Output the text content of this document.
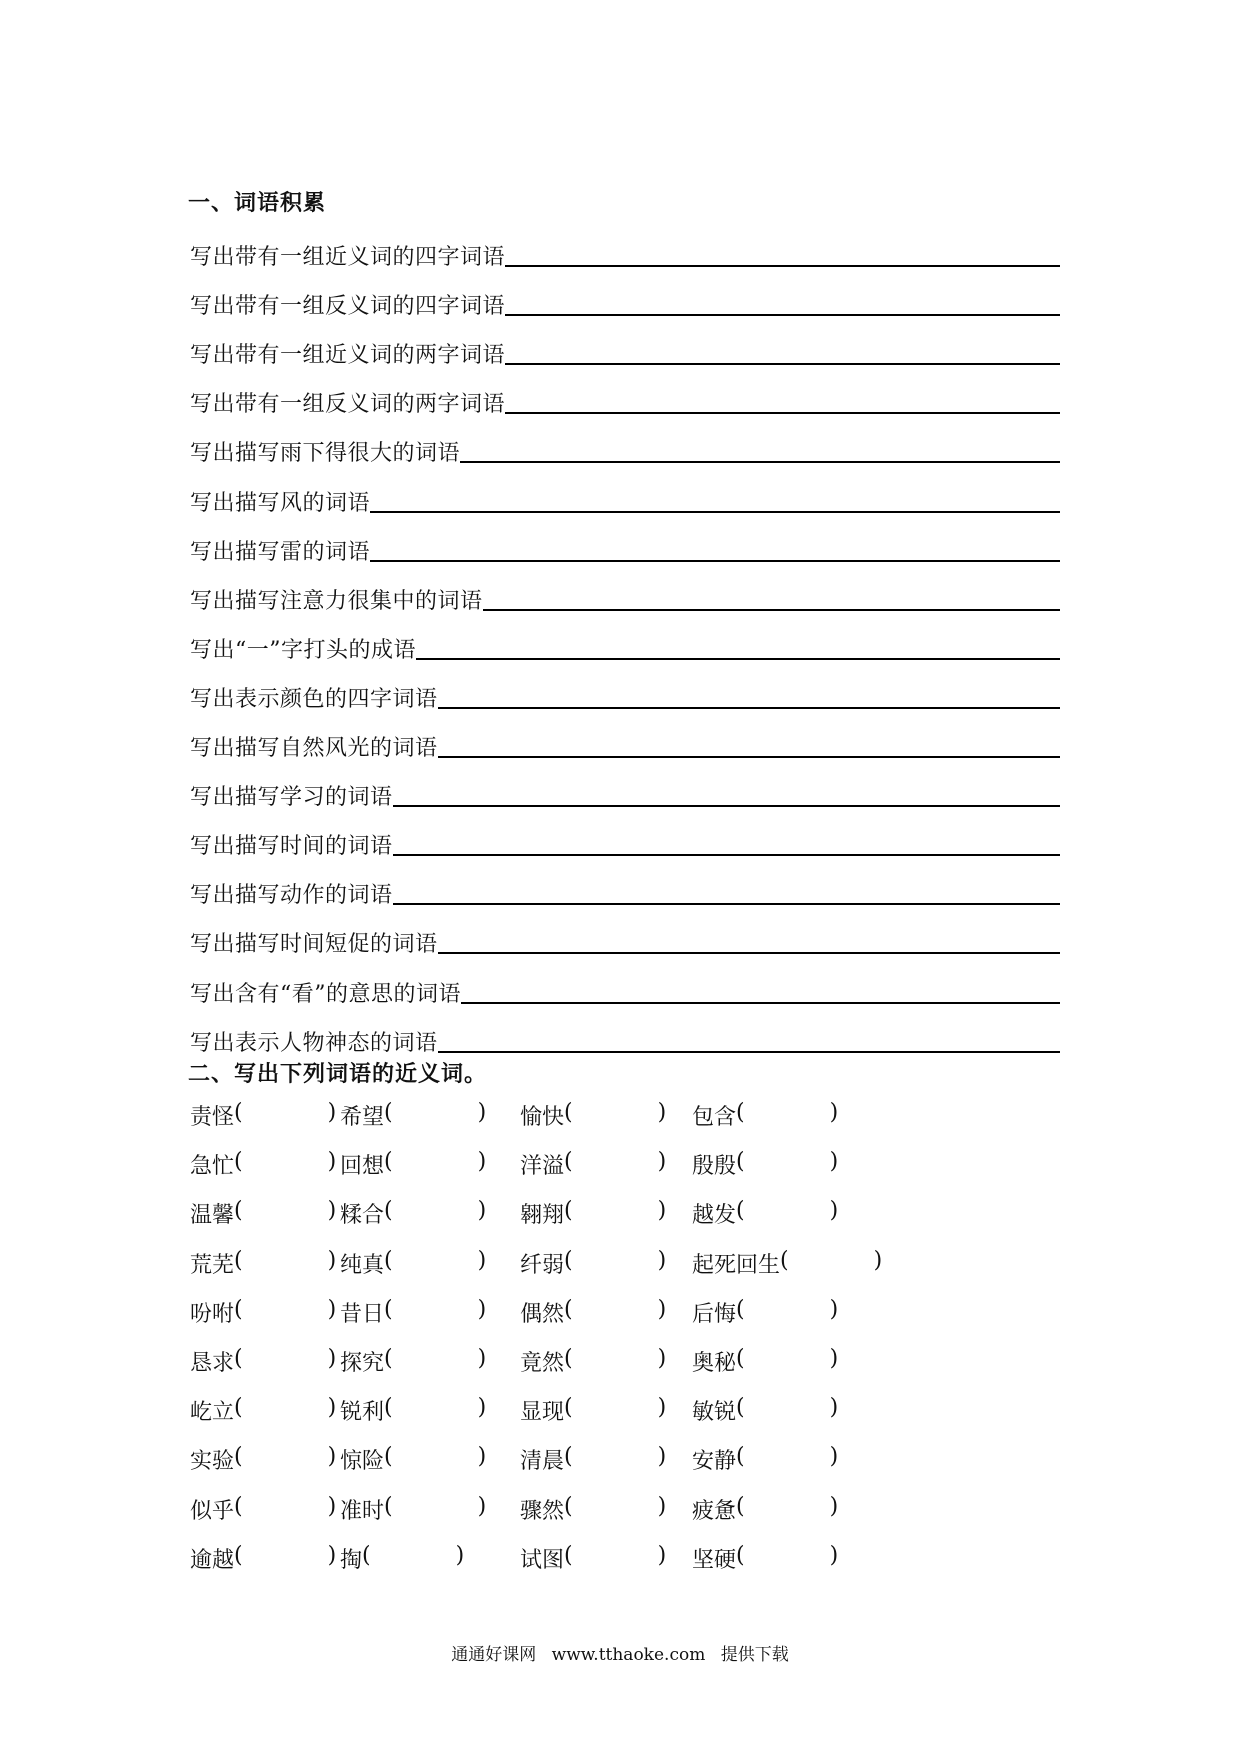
一、词语积累
写出带有一组近义词的四字词语
写出带有一组反义词的四字词语
写出带有一组近义词的两字词语
写出带有一组反义词的两字词语
写出描写雨下得很大的词语
写出描写风的词语
写出描写雷的词语
写出描写注意力很集中的词语
写出“一”字打头的成语
写出表示颜色的四字词语
写出描写自然风光的词语
写出描写学习的词语
写出描写时间的词语
写出描写动作的词语
写出描写时间短促的词语
写出含有“看”的意思的词语
写出表示人物神态的词语
二、写出下列词语的近义词。
责怪 (	) 希望 (	) 愉快 (	) 包含 (	)
急忙 (	) 回想 (	) 洋溢 (	) 殷殷 (	)
温馨 (	) 糅合 (	) 翱翔 (	) 越发 (	)
荒芜 (	) 纯真 (	) 纤弱 (	) 起死回生 (	)
吩咐 (	) 昔日 (	) 偶然 (	) 后悔 (	)
恳求 (	) 探究 (	) 竟然 (	) 奥秘 (	)
屹立 (	) 锐利 (	) 显现 (	) 敏锐 (	)
实验 (	) 惊险 (	) 清晨 (	) 安静 (	)
似乎 (	) 准时 (	) 骤然 (	) 疲惫 (	)
逾越 (	) 掏 (	)	试图 (	) 坚硬 (	)
通通好课网 www.tthaoke.com 提供下载
